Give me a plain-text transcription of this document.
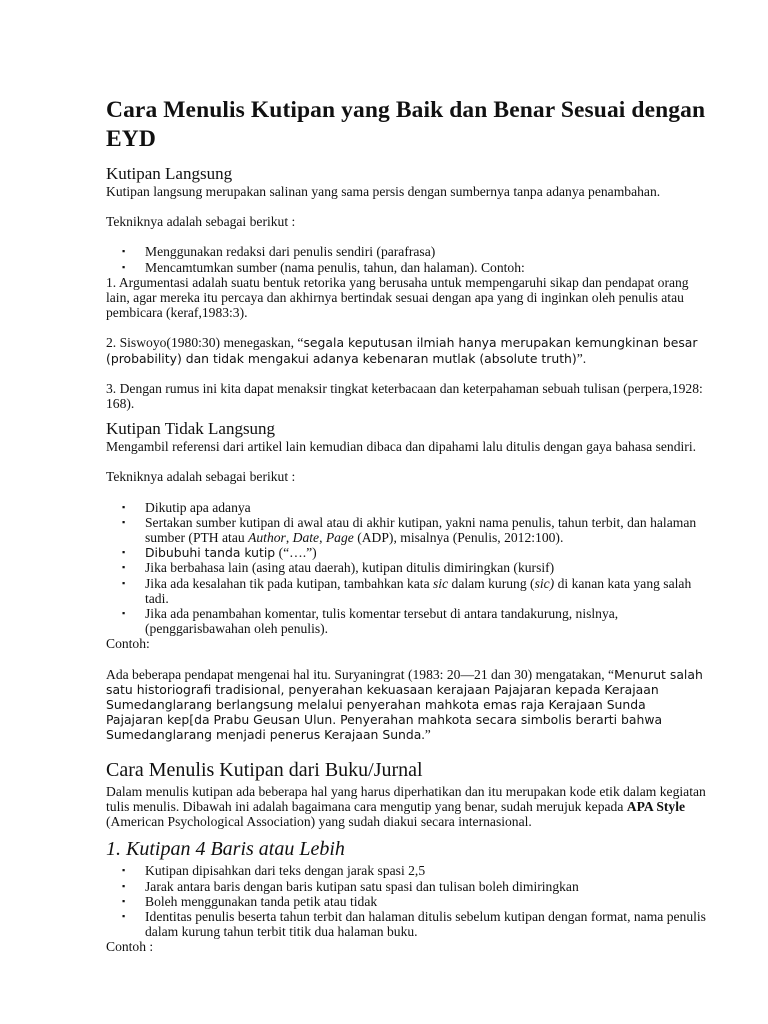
Cara Menulis Kutipan yang Baik dan Benar Sesuai dengan EYD
Kutipan Langsung
Kutipan langsung merupakan salinan yang sama persis dengan sumbernya tanpa adanya penambahan.
Tekniknya adalah sebagai berikut :
▪ Menggunakan redaksi dari penulis sendiri (parafrasa)
▪ Mencamtumkan sumber (nama penulis, tahun, dan halaman). Contoh:
1. Argumentasi adalah suatu bentuk retorika yang berusaha untuk mempengaruhi sikap dan pendapat orang lain, agar mereka itu percaya dan akhirnya bertindak sesuai dengan apa yang di inginkan oleh penulis atau pembicara (keraf,1983:3).
2. Siswoyo(1980:30) menegaskan, “segala keputusan ilmiah hanya merupakan kemungkinan besar (probability) dan tidak mengakui adanya kebenaran mutlak (absolute truth)”.
3. Dengan rumus ini kita dapat menaksir tingkat keterbacaan dan keterpahaman sebuah tulisan (perpera,1928: 168).
Kutipan Tidak Langsung
Mengambil referensi dari artikel lain kemudian dibaca dan dipahami lalu ditulis dengan gaya bahasa sendiri.
Tekniknya adalah sebagai berikut :
▪ Dikutip apa adanya
▪ Sertakan sumber kutipan di awal atau di akhir kutipan, yakni nama penulis, tahun terbit, dan halaman sumber (PTH atau Author, Date, Page (ADP), misalnya (Penulis, 2012:100).
▪ Dibubuhi tanda kutip (“….”)
▪ Jika berbahasa lain (asing atau daerah), kutipan ditulis dimiringkan (kursif)
▪ Jika ada kesalahan tik pada kutipan, tambahkan kata sic dalam kurung (sic) di kanan kata yang salah tadi.
▪ Jika ada penambahan komentar, tulis komentar tersebut di antara tandakurung, nislnya, (penggarisbawahan oleh penulis).
Contoh:
Ada beberapa pendapat mengenai hal itu. Suryaningrat (1983: 20—21 dan 30) mengatakan, “Menurut salah satu historiografi tradisional, penyerahan kekuasaan kerajaan Pajajaran kepada Kerajaan Sumedanglarang berlangsung melalui penyerahan mahkota emas raja Kerajaan Sunda Pajajaran kep[da Prabu Geusan Ulun. Penyerahan mahkota secara simbolis berarti bahwa Sumedanglarang menjadi penerus Kerajaan Sunda.”
Cara Menulis Kutipan dari Buku/Jurnal
Dalam menulis kutipan ada beberapa hal yang harus diperhatikan dan itu merupakan kode etik dalam kegiatan tulis menulis. Dibawah ini adalah bagaimana cara mengutip yang benar, sudah merujuk kepada APA Style (American Psychological Association) yang sudah diakui secara internasional.
1. Kutipan 4 Baris atau Lebih
▪ Kutipan dipisahkan dari teks dengan jarak spasi 2,5
▪ Jarak antara baris dengan baris kutipan satu spasi dan tulisan boleh dimiringkan
▪ Boleh menggunakan tanda petik atau tidak
▪ Identitas penulis beserta tahun terbit dan halaman ditulis sebelum kutipan dengan format, nama penulis dalam kurung tahun terbit titik dua halaman buku.
Contoh :
